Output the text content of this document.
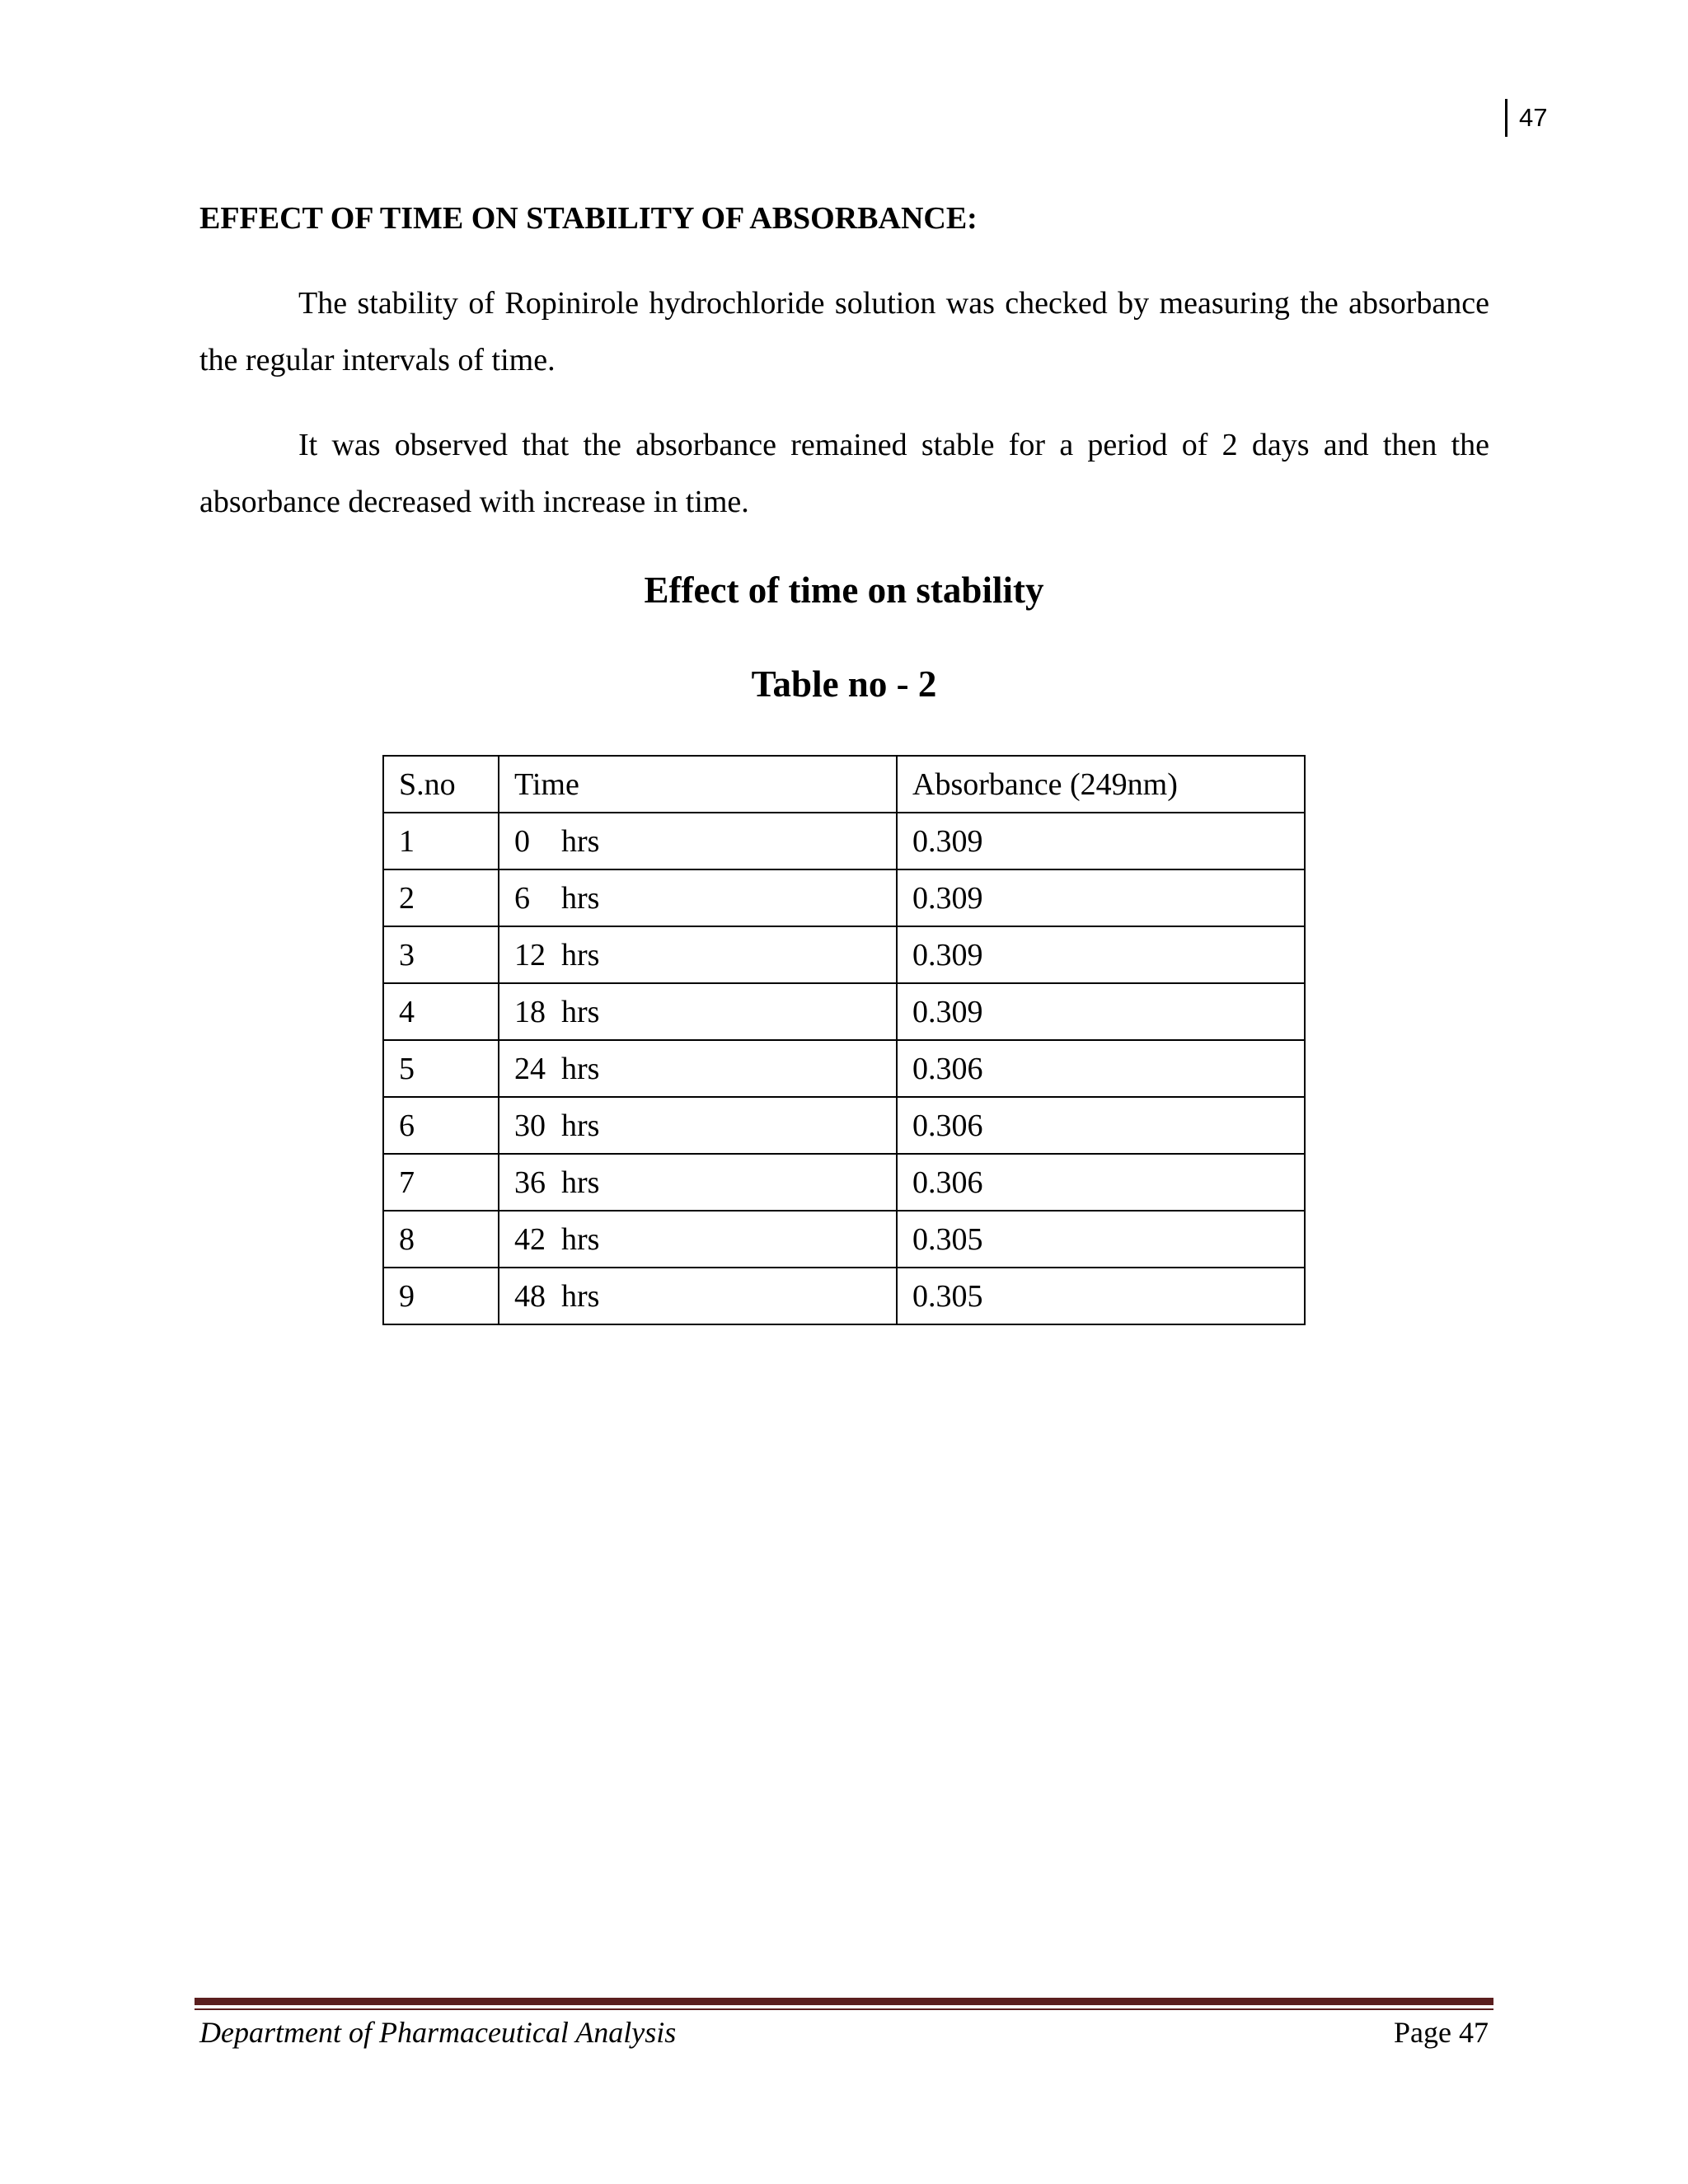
47
EFFECT OF TIME ON STABILITY OF ABSORBANCE:

The stability of Ropinirole hydrochloride solution was checked by measuring the absorbance the regular intervals of time.

It was observed that the absorbance remained stable for a period of 2 days and then the absorbance decreased with increase in time.

Effect of time on stability
Table no - 2
S.no	Time	Absorbance (249nm)
1	0    hrs	0.309
2	6    hrs	0.309
3	12  hrs	0.309
4	18  hrs	0.309
5	24  hrs	0.306
6	30  hrs	0.306
7	36  hrs	0.306
8	42  hrs	0.305
9	48  hrs	0.305
Department of Pharmaceutical Analysis	Page 47
